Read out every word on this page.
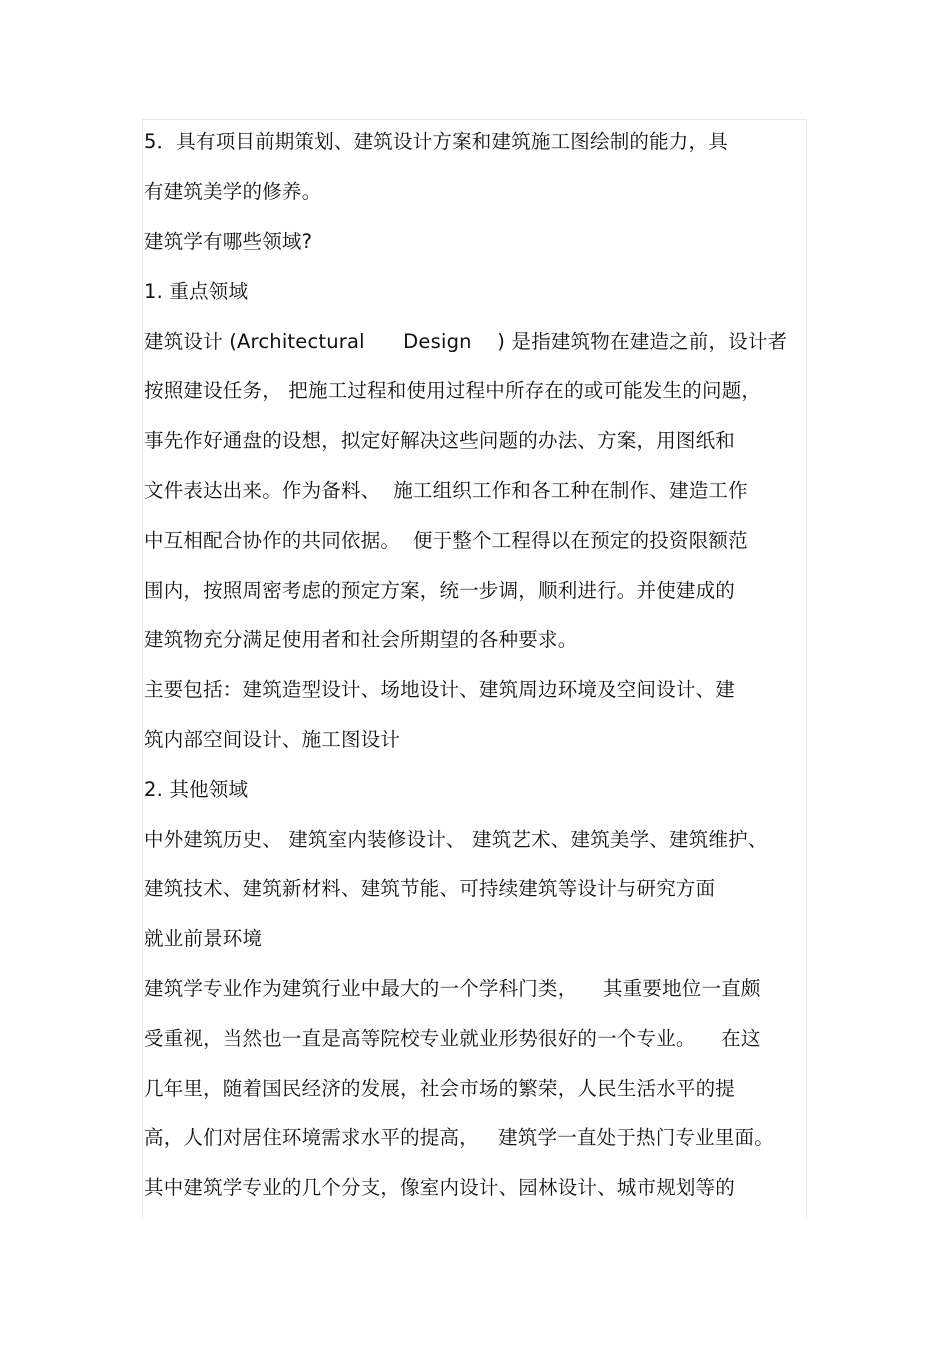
5．具有项目前期策划、建筑设计方案和建筑施工图绘制的能力，具
有建筑美学的修养。
建筑学有哪些领域?
1. 重点领域
建筑设计 (Architectural      Design    ) 是指建筑物在建造之前，设计者
按照建设任务， 把施工过程和使用过程中所存在的或可能发生的问题，
事先作好通盘的设想，拟定好解决这些问题的办法、方案，用图纸和
文件表达出来。作为备料、  施工组织工作和各工种在制作、建造工作
中互相配合协作的共同依据。  便于整个工程得以在预定的投资限额范
围内，按照周密考虑的预定方案，统一步调，顺利进行。并使建成的
建筑物充分满足使用者和社会所期望的各种要求。
主要包括：建筑造型设计、场地设计、建筑周边环境及空间设计、建
筑内部空间设计、施工图设计
2. 其他领域
中外建筑历史、 建筑室内装修设计、 建筑艺术、建筑美学、建筑维护、
建筑技术、建筑新材料、建筑节能、可持续建筑等设计与研究方面
就业前景环境
建筑学专业作为建筑行业中最大的一个学科门类，    其重要地位一直颇
受重视，当然也一直是高等院校专业就业形势很好的一个专业。    在这
几年里，随着国民经济的发展，社会市场的繁荣，人民生活水平的提
高，人们对居住环境需求水平的提高，   建筑学一直处于热门专业里面。
其中建筑学专业的几个分支，像室内设计、园林设计、城市规划等的
